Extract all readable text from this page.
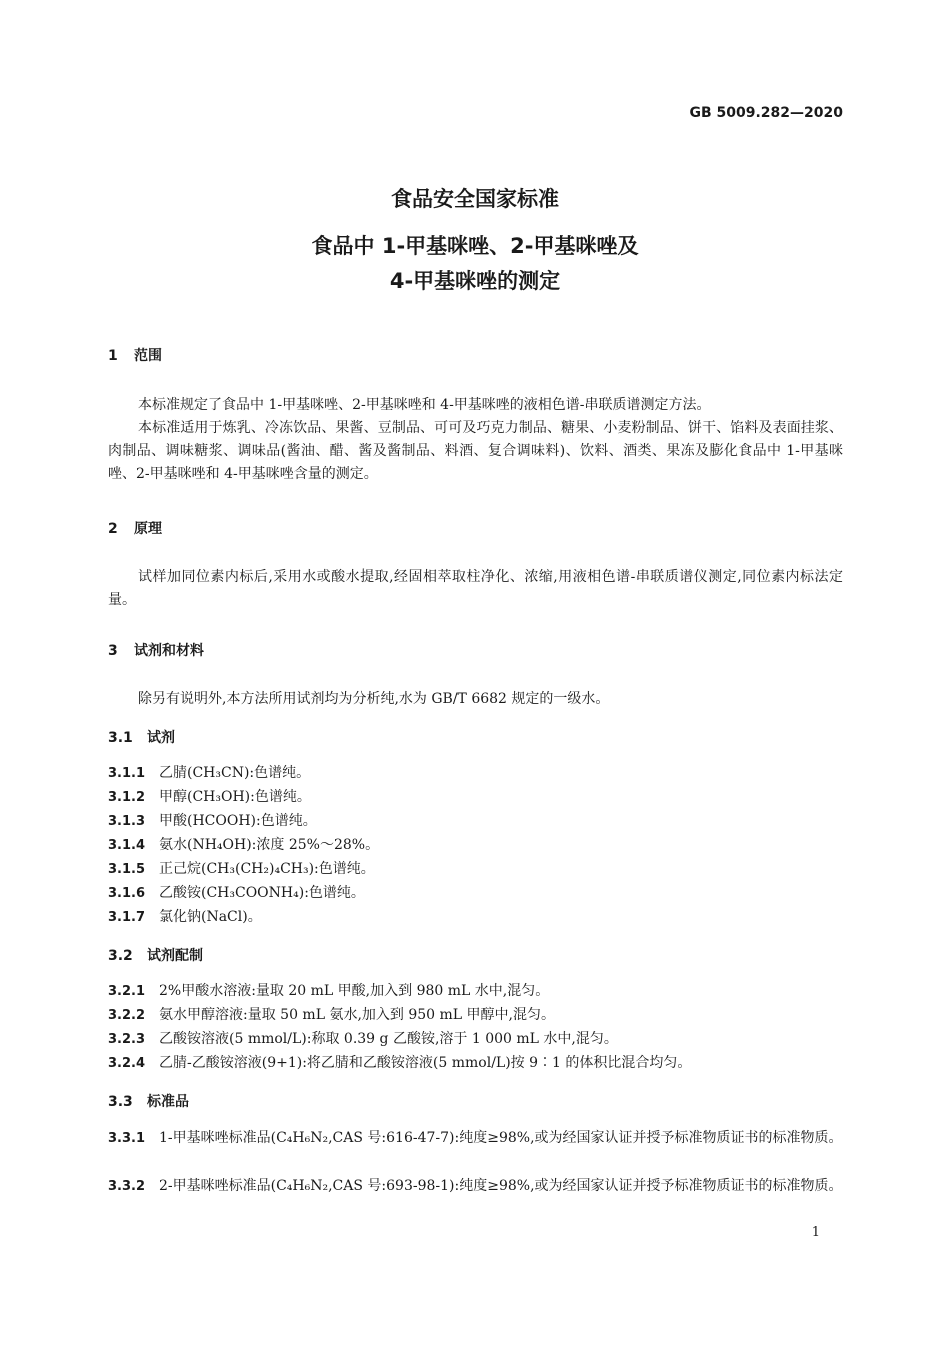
GB 5009.282—2020
食品安全国家标准
食品中 1-甲基咪唑、2-甲基咪唑及
4-甲基咪唑的测定
1 范围
本标准规定了食品中 1-甲基咪唑、2-甲基咪唑和 4-甲基咪唑的液相色谱-串联质谱测定方法。
本标准适用于炼乳、冷冻饮品、果酱、豆制品、可可及巧克力制品、糖果、小麦粉制品、饼干、馅料及表面挂浆、肉制品、调味糖浆、调味品(酱油、醋、酱及酱制品、料酒、复合调味料)、饮料、酒类、果冻及膨化食品中 1-甲基咪唑、2-甲基咪唑和 4-甲基咪唑含量的测定。
2 原理
试样加同位素内标后,采用水或酸水提取,经固相萃取柱净化、浓缩,用液相色谱-串联质谱仪测定,同位素内标法定量。
3 试剂和材料
除另有说明外,本方法所用试剂均为分析纯,水为 GB/T 6682 规定的一级水。
3.1 试剂
3.1.1 乙腈(CH₃CN):色谱纯。
3.1.2 甲醇(CH₃OH):色谱纯。
3.1.3 甲酸(HCOOH):色谱纯。
3.1.4 氨水(NH₄OH):浓度 25%～28%。
3.1.5 正己烷(CH₃(CH₂)₄CH₃):色谱纯。
3.1.6 乙酸铵(CH₃COONH₄):色谱纯。
3.1.7 氯化钠(NaCl)。
3.2 试剂配制
3.2.1 2%甲酸水溶液:量取 20 mL 甲酸,加入到 980 mL 水中,混匀。
3.2.2 氨水甲醇溶液:量取 50 mL 氨水,加入到 950 mL 甲醇中,混匀。
3.2.3 乙酸铵溶液(5 mmol/L):称取 0.39 g 乙酸铵,溶于 1 000 mL 水中,混匀。
3.2.4 乙腈-乙酸铵溶液(9+1):将乙腈和乙酸铵溶液(5 mmol/L)按 9∶1 的体积比混合均匀。
3.3 标准品
3.3.1 1-甲基咪唑标准品(C₄H₆N₂,CAS 号:616-47-7):纯度≥98%,或为经国家认证并授予标准物质证书的标准物质。
3.3.2 2-甲基咪唑标准品(C₄H₆N₂,CAS 号:693-98-1):纯度≥98%,或为经国家认证并授予标准物质证书的标准物质。
1
